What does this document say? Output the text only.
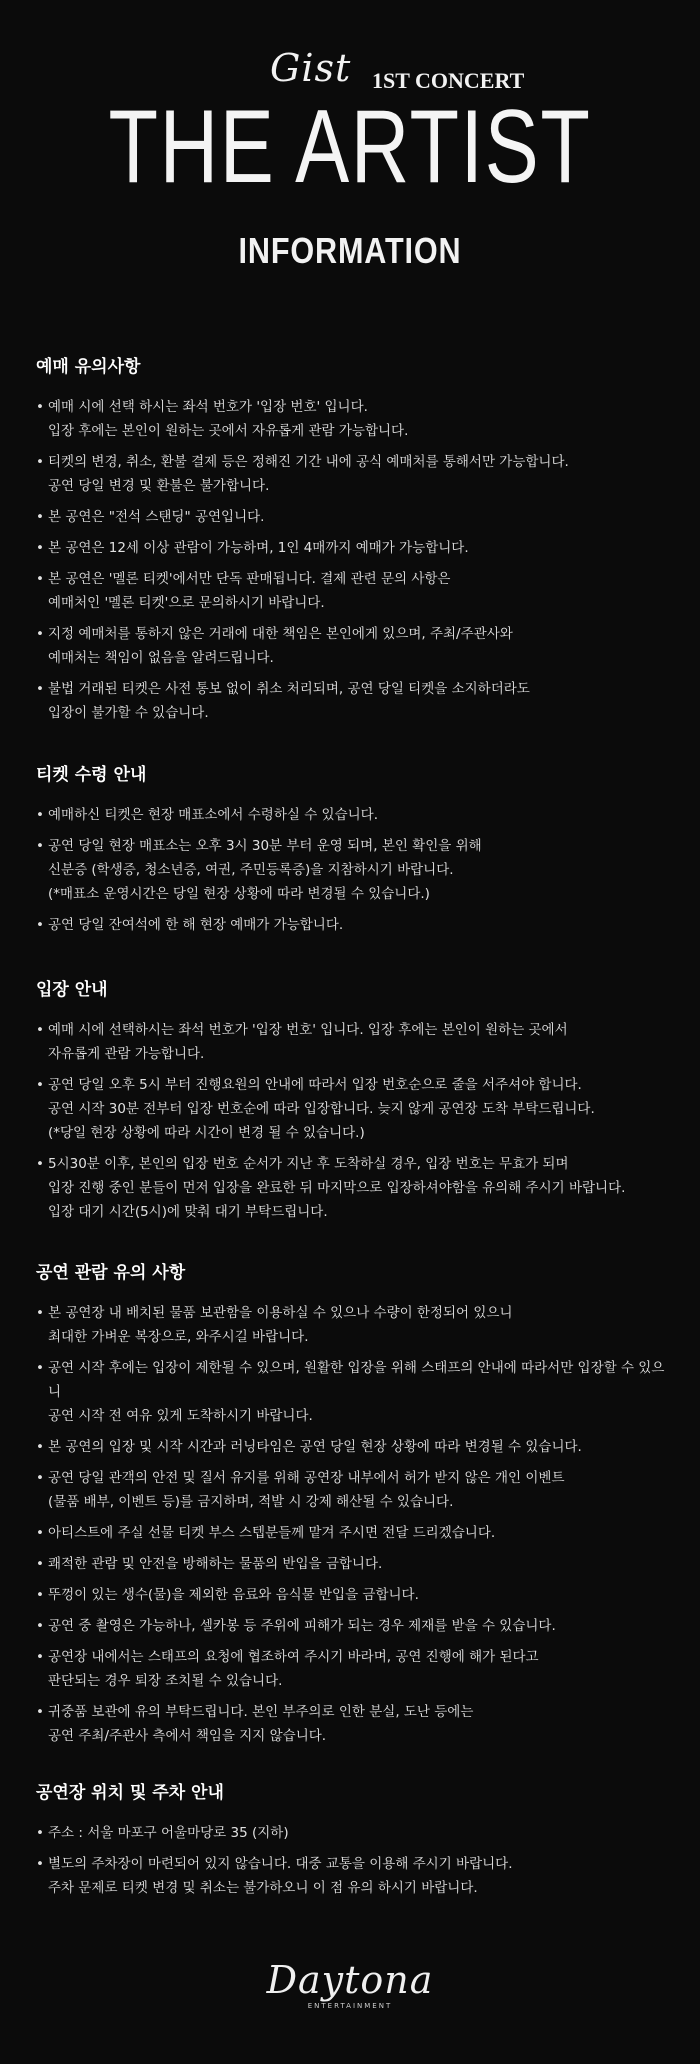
Gist 1ST CONCERT
THE ARTIST
INFORMATION
예매 유의사항
• 예매 시에 선택 하시는 좌석 번호가 '입장 번호' 입니다.
입장 후에는 본인이 원하는 곳에서 자유롭게 관람 가능합니다.
• 티켓의 변경, 취소, 환불 결제 등은 정해진 기간 내에 공식 예매처를 통해서만 가능합니다.
공연 당일 변경 및 환불은 불가합니다.
• 본 공연은 "전석 스탠딩" 공연입니다.
• 본 공연은 12세 이상 관람이 가능하며, 1인 4매까지 예매가 가능합니다.
• 본 공연은 '멜론 티켓'에서만 단독 판매됩니다. 결제 관련 문의 사항은
예매처인 '멜론 티켓'으로 문의하시기 바랍니다.
• 지정 예매처를 통하지 않은 거래에 대한 책임은 본인에게 있으며, 주최/주관사와
예매처는 책임이 없음을 알려드립니다.
• 불법 거래된 티켓은 사전 통보 없이 취소 처리되며, 공연 당일 티켓을 소지하더라도
입장이 불가할 수 있습니다.
티켓 수령 안내
• 예매하신 티켓은 현장 매표소에서 수령하실 수 있습니다.
• 공연 당일 현장 매표소는 오후 3시 30분 부터 운영 되며, 본인 확인을 위해
신분증 (학생증, 청소년증, 여권, 주민등록증)을 지참하시기 바랍니다.
(*매표소 운영시간은 당일 현장 상황에 따라 변경될 수 있습니다.)
• 공연 당일 잔여석에 한 해 현장 예매가 가능합니다.
입장 안내
• 예매 시에 선택하시는 좌석 번호가 '입장 번호' 입니다. 입장 후에는 본인이 원하는 곳에서
자유롭게 관람 가능합니다.
• 공연 당일 오후 5시 부터 진행요원의 안내에 따라서 입장 번호순으로 줄을 서주셔야 합니다.
공연 시작 30분 전부터 입장 번호순에 따라 입장합니다. 늦지 않게 공연장 도착 부탁드립니다.
(*당일 현장 상황에 따라 시간이 변경 될 수 있습니다.)
• 5시30분 이후, 본인의 입장 번호 순서가 지난 후 도착하실 경우, 입장 번호는 무효가 되며
입장 진행 중인 분들이 먼저 입장을 완료한 뒤 마지막으로 입장하셔야함을 유의해 주시기 바랍니다.
입장 대기 시간(5시)에 맞춰 대기 부탁드립니다.
공연 관람 유의 사항
• 본 공연장 내 배치된 물품 보관함을 이용하실 수 있으나 수량이 한정되어 있으니
최대한 가벼운 복장으로, 와주시길 바랍니다.
• 공연 시작 후에는 입장이 제한될 수 있으며, 원활한 입장을 위해 스태프의 안내에 따라서만 입장할 수 있으니
공연 시작 전 여유 있게 도착하시기 바랍니다.
• 본 공연의 입장 및 시작 시간과 러닝타임은 공연 당일 현장 상황에 따라 변경될 수 있습니다.
• 공연 당일 관객의 안전 및 질서 유지를 위해 공연장 내부에서 허가 받지 않은 개인 이벤트
(물품 배부, 이벤트 등)를 금지하며, 적발 시 강제 해산될 수 있습니다.
• 아티스트에 주실 선물 티켓 부스 스텝분들께 맡겨 주시면 전달 드리겠습니다.
• 쾌적한 관람 및 안전을 방해하는 물품의 반입을 금합니다.
• 뚜껑이 있는 생수(물)을 제외한 음료와 음식물 반입을 금합니다.
• 공연 중 촬영은 가능하나, 셀카봉 등 주위에 피해가 되는 경우 제재를 받을 수 있습니다.
• 공연장 내에서는 스태프의 요청에 협조하여 주시기 바라며, 공연 진행에 해가 된다고
판단되는 경우 퇴장 조치될 수 있습니다.
• 귀중품 보관에 유의 부탁드립니다. 본인 부주의로 인한 분실, 도난 등에는
공연 주최/주관사 측에서 책임을 지지 않습니다.
공연장 위치 및 주차 안내
• 주소 : 서울 마포구 어울마당로 35 (지하)
• 별도의 주차장이 마련되어 있지 않습니다. 대중 교통을 이용해 주시기 바랍니다.
주차 문제로 티켓 변경 및 취소는 불가하오니 이 점 유의 하시기 바랍니다.
Daytona
ENTERTAINMENT
